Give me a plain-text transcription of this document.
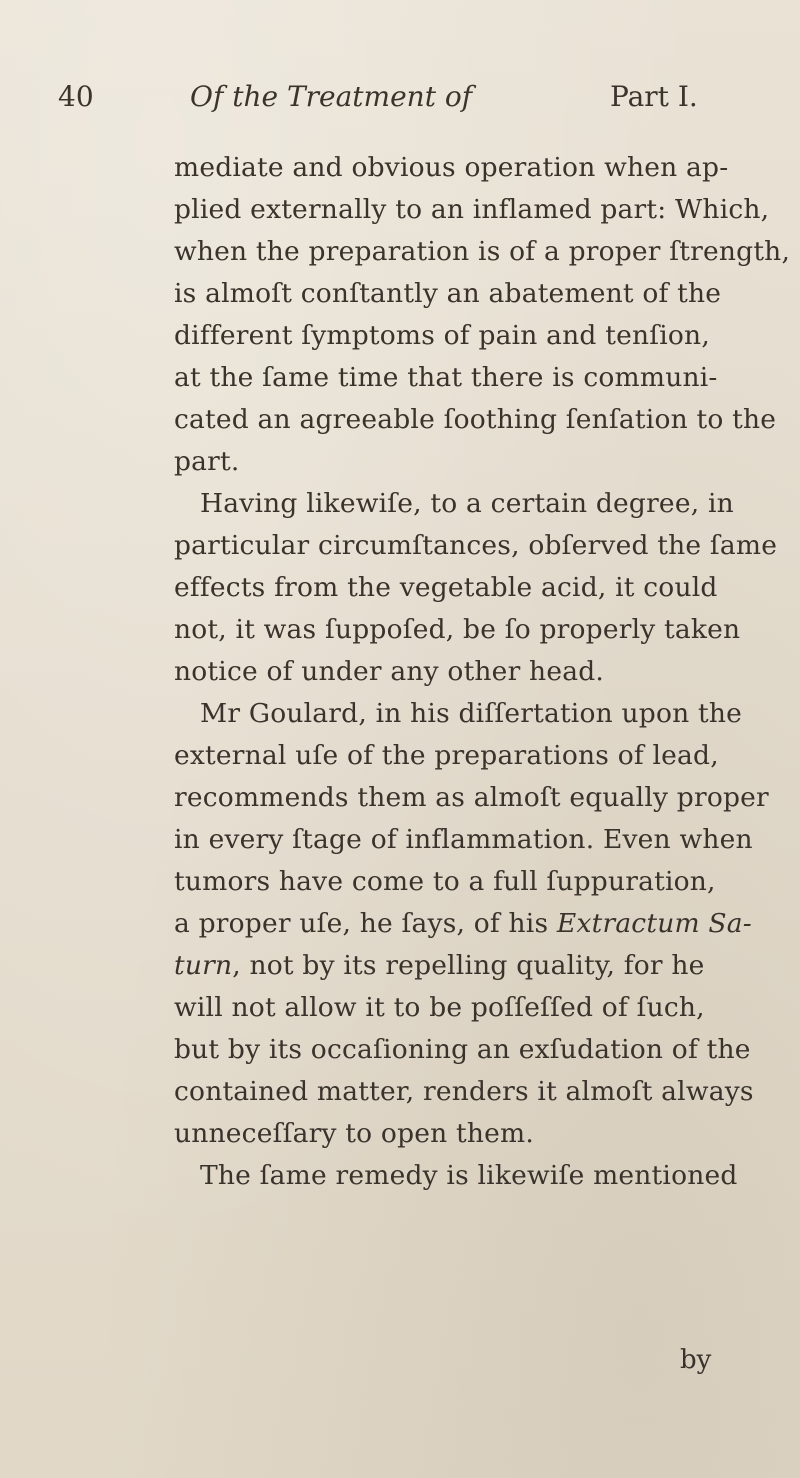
40	Of the Treatment of	Part I.
mediate and obvious operation when ap-
plied externally to an inflamed part: Which,
when the preparation is of a proper ſtrength,
is almoſt conſtantly an abatement of the
different ſymptoms of pain and tenſion,
at the ſame time that there is communi-
cated an agreeable ſoothing ſenſation to the
part.
Having likewiſe, to a certain degree, in
particular circumſtances, obſerved the ſame
effects from the vegetable acid, it could
not, it was ſuppoſed, be ſo properly taken
notice of under any other head.
Mr Goulard, in his diſſertation upon the
external uſe of the preparations of lead,
recommends them as almoſt equally proper
in every ſtage of inflammation. Even when
tumors have come to a full ſuppuration,
a proper uſe, he ſays, of his Extractum Sa-
turn, not by its repelling quality, for he
will not allow it to be poſſeſſed of ſuch,
but by its occaſioning an exſudation of the
contained matter, renders it almoſt always
unneceſſary to open them.
The ſame remedy is likewiſe mentioned
by
